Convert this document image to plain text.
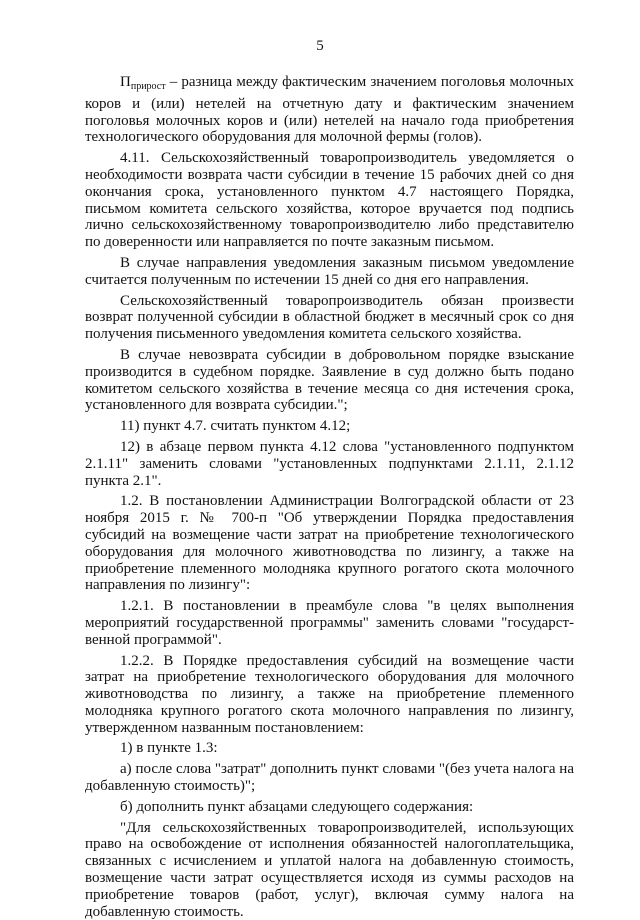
5

$П_{прирост}$ – разница между фактическим значением поголовья молочных коров и (или) нетелей на отчетную дату и фактическим значением поголовья молочных коров и (или) нетелей на начало года приобретения технологического оборудования для молочной фермы (голов).

4.11. Сельскохозяйственный товаропроизводитель уведомляется о необходимости возврата части субсидии в течение 15 рабочих дней со дня окончания срока, установленного пунктом 4.7 настоящего Порядка, письмом комитета сельского хозяйства, которое вручается под подпись лично сельскохозяйственному товаропроизводителю либо представителю по доверенности или направляется по почте заказным письмом.

В случае направления уведомления заказным письмом уведомление считается полученным по истечении 15 дней со дня его направления.

Сельскохозяйственный товаропроизводитель обязан произвести возврат полученной субсидии в областной бюджет в месячный срок со дня получения письменного уведомления комитета сельского хозяйства.

В случае невозврата субсидии в добровольном порядке взыскание производится в судебном порядке. Заявление в суд должно быть подано комитетом сельского хозяйства в течение месяца со дня истечения срока, установленного для возврата субсидии.";

11) пункт 4.7. считать пунктом 4.12;

12) в абзаце первом пункта 4.12 слова "установленного подпунктом 2.1.11" заменить словами "установленных подпунктами 2.1.11, 2.1.12 пункта 2.1".

1.2. В постановлении Администрации Волгоградской области от 23 ноября 2015 г. № 700-п "Об утверждении Порядка предоставления субсидий на возмещение части затрат на приобретение технологического оборудования для молочного животноводства по лизингу, а также на приобретение племенного молодняка крупного рогатого скота молочного направления по лизингу":

1.2.1. В постановлении в преамбуле слова "в целях выполнения мероприятий государственной программы" заменить словами "государст-венной программой".

1.2.2. В Порядке предоставления субсидий на возмещение части затрат на приобретение технологического оборудования для молочного животноводства по лизингу, а также на приобретение племенного молодняка крупного рогатого скота молочного направления по лизингу, утвержденном названным постановлением:

1) в пункте 1.3:

а) после слова "затрат" дополнить пункт словами "(без учета налога на добавленную стоимость)";

б) дополнить пункт абзацами следующего содержания:

"Для сельскохозяйственных товаропроизводителей, использующих право на освобождение от исполнения обязанностей налогоплательщика, связанных с исчислением и уплатой налога на добавленную стоимость, возмещение части затрат осуществляется исходя из суммы расходов на приобретение товаров (работ, услуг), включая сумму налога на добавленную стоимость.
